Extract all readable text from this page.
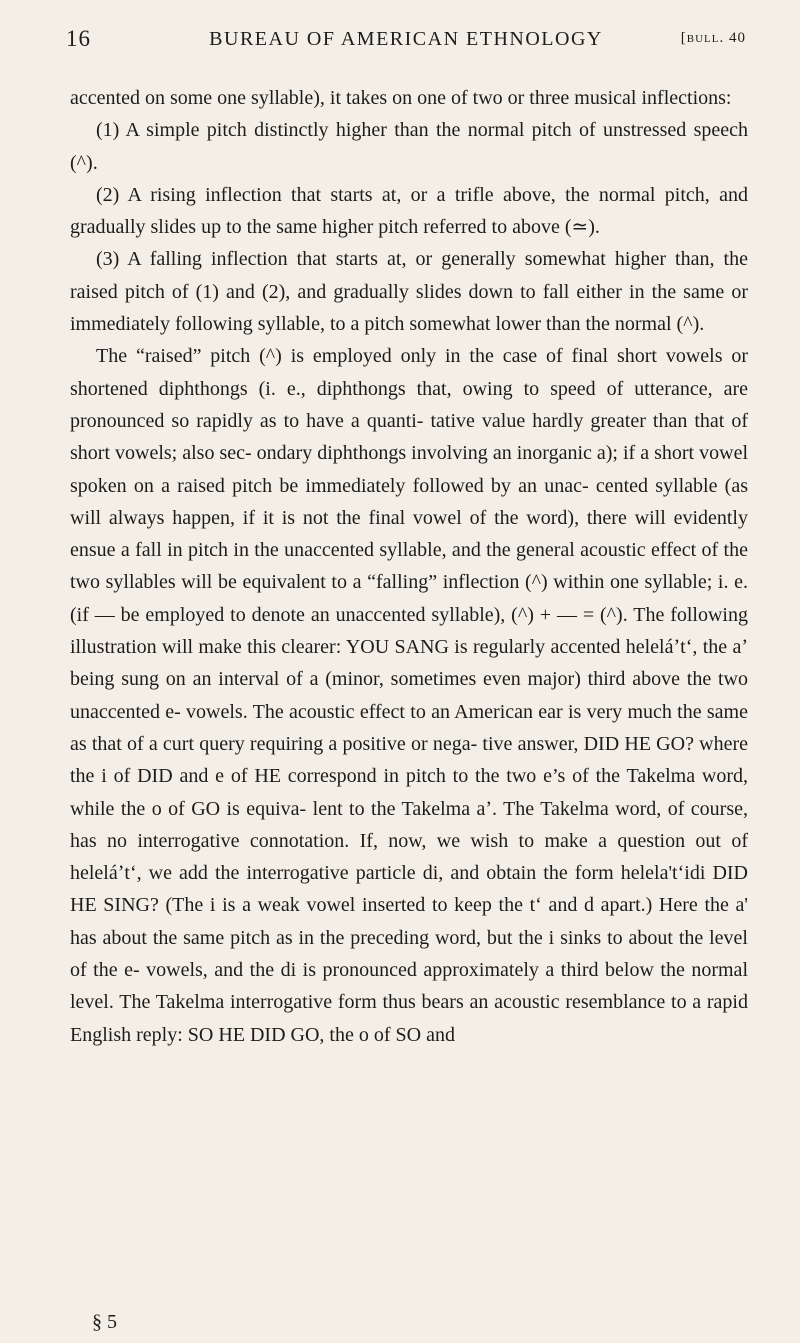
16	BUREAU OF AMERICAN ETHNOLOGY	[bull. 40

accented on some one syllable), it takes on one of two or three musical inflections:

(1) A simple pitch distinctly higher than the normal pitch of unstressed speech (^).

(2) A rising inflection that starts at, or a trifle above, the normal pitch, and gradually slides up to the same higher pitch referred to above (≃).

(3) A falling inflection that starts at, or generally somewhat higher than, the raised pitch of (1) and (2), and gradually slides down to fall either in the same or immediately following syllable, to a pitch somewhat lower than the normal (^).

The “raised” pitch (^) is employed only in the case of final short vowels or shortened diphthongs (i. e., diphthongs that, owing to speed of utterance, are pronounced so rapidly as to have a quanti- tative value hardly greater than that of short vowels; also sec- ondary diphthongs involving an inorganic a); if a short vowel spoken on a raised pitch be immediately followed by an unac- cented syllable (as will always happen, if it is not the final vowel of the word), there will evidently ensue a fall in pitch in the unaccented syllable, and the general acoustic effect of the two syllables will be equivalent to a “falling” inflection (^) within one syllable; i. e. (if — be employed to denote an unaccented syllable), (^) + — = (^). The following illustration will make this clearer: YOU SANG is regularly accented heleláʼtʻ, the aʼ being sung on an interval of a (minor, sometimes even major) third above the two unaccented e- vowels. The acoustic effect to an American ear is very much the same as that of a curt query requiring a positive or nega- tive answer, DID HE GO? where the i of DID and e of HE correspond in pitch to the two e’s of the Takelma word, while the o of GO is equiva- lent to the Takelma aʼ. The Takelma word, of course, has no interrogative connotation. If, now, we wish to make a question out of heleláʼtʻ, we add the interrogative particle di, and obtain the form helela'tʻidi DID HE SING? (The i is a weak vowel inserted to keep the tʻ and d apart.) Here the a' has about the same pitch as in the preceding word, but the i sinks to about the level of the e- vowels, and the di is pronounced approximately a third below the normal level. The Takelma interrogative form thus bears an acoustic resemblance to a rapid English reply: SO HE DID GO, the o of SO and

§ 5
